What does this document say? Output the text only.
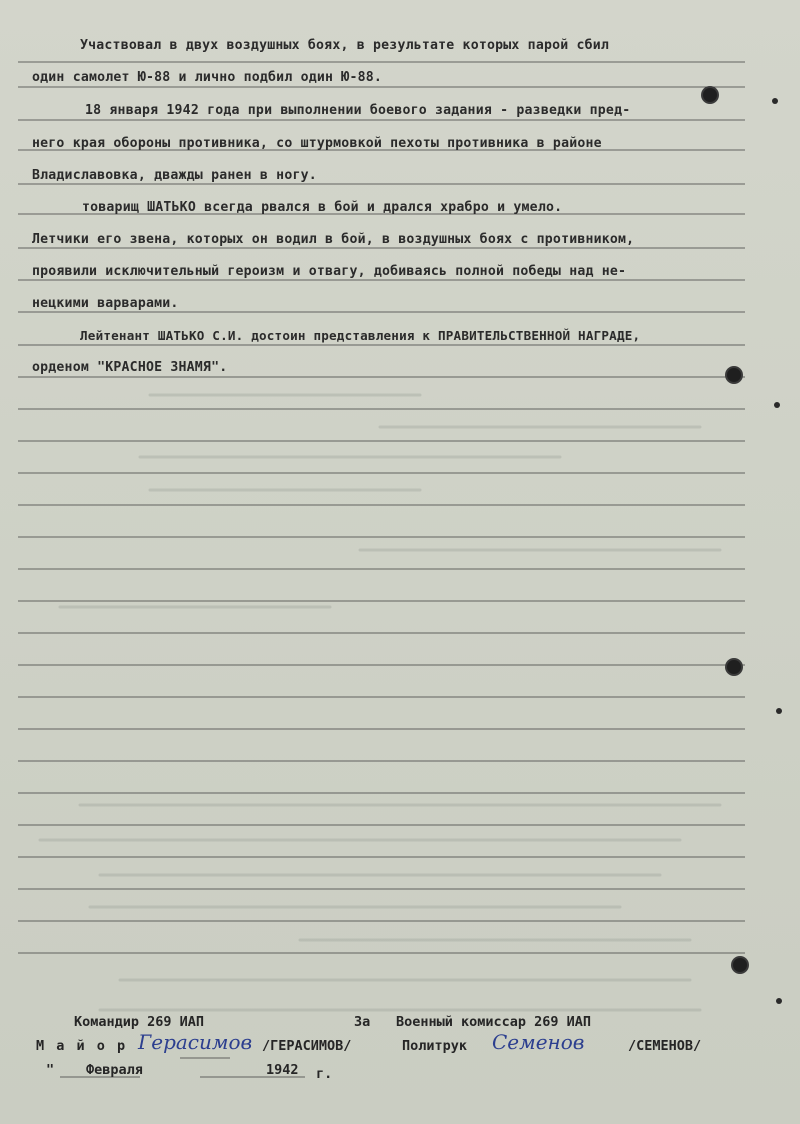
Участвовал в двух воздушных боях, в результате которых парой сбил
один самолет Ю-88 и лично подбил один Ю-88.
18 января 1942 года при выполнении боевого задания - разведки пред-
него края обороны противника, со штурмовкой пехоты противника в районе
Владиславовка, дважды ранен в ногу.
товарищ ШАТЬКО всегда рвался в бой и дрался храбро и умело.
Летчики его звена, которых он водил в бой, в воздушных боях с противником,
проявили исключительный героизм и отвагу, добиваясь полной победы над не-
нецкими варварами.
Лейтенант ШАТЬКО С.И. достоин представления к ПРАВИТЕЛЬСТВЕННОЙ НАГРАДЕ,
орденом "КРАСНОЕ ЗНАМЯ".
Командир 269 ИАП	За Военный комиссар 269 ИАП
М а й о р Герасимов /ГЕРАСИМОВ/	Политрук Семенов	/СЕМЕНОВ/
" Февраля	1942 г.
